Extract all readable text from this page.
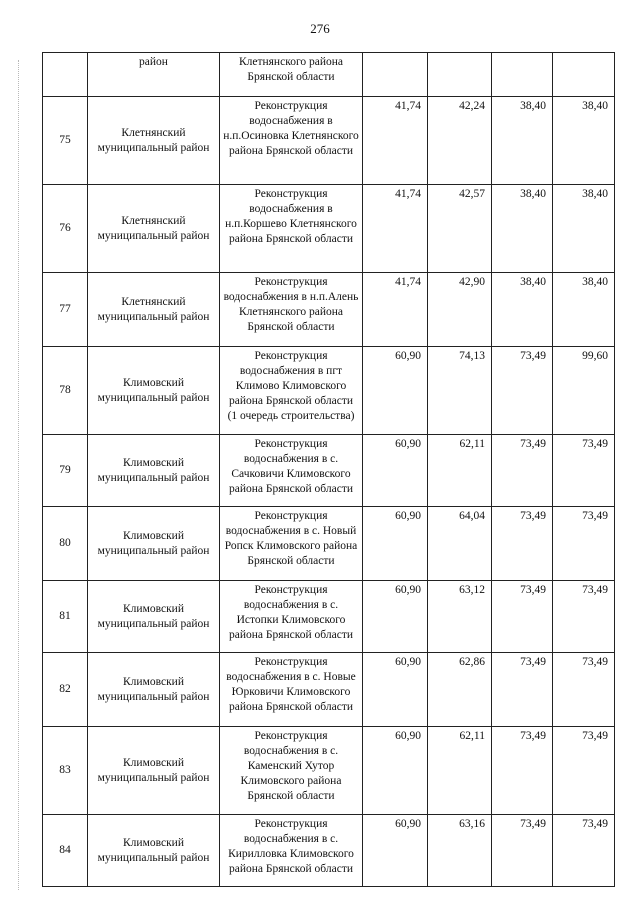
276
	район	Клетнянского района Брянской области				
75	Клетнянский муниципальный район	Реконструкция водоснабжения в н.п.Осиновка Клетнянского района Брянской области	41,74	42,24	38,40	38,40
76	Клетнянский муниципальный район	Реконструкция водоснабжения в н.п.Коршево Клетнянского района Брянской области	41,74	42,57	38,40	38,40
77	Клетнянский муниципальный район	Реконструкция водоснабжения в н.п.Алень Клетнянского района Брянской области	41,74	42,90	38,40	38,40
78	Климовский муниципальный район	Реконструкция водоснабжения в пгт Климово Климовского района Брянской области (1 очередь строительства)	60,90	74,13	73,49	99,60
79	Климовский муниципальный район	Реконструкция водоснабжения в с. Сачковичи Климовского района Брянской области	60,90	62,11	73,49	73,49
80	Климовский муниципальный район	Реконструкция водоснабжения в с. Новый Ропск Климовского района Брянской области	60,90	64,04	73,49	73,49
81	Климовский муниципальный район	Реконструкция водоснабжения в с. Истопки Климовского района Брянской области	60,90	63,12	73,49	73,49
82	Климовский муниципальный район	Реконструкция водоснабжения в с. Новые Юрковичи Климовского района Брянской области	60,90	62,86	73,49	73,49
83	Климовский муниципальный район	Реконструкция водоснабжения в с. Каменский Хутор Климовского района Брянской области	60,90	62,11	73,49	73,49
84	Климовский муниципальный район	Реконструкция водоснабжения в с. Кирилловка Климовского района Брянской области	60,90	63,16	73,49	73,49
